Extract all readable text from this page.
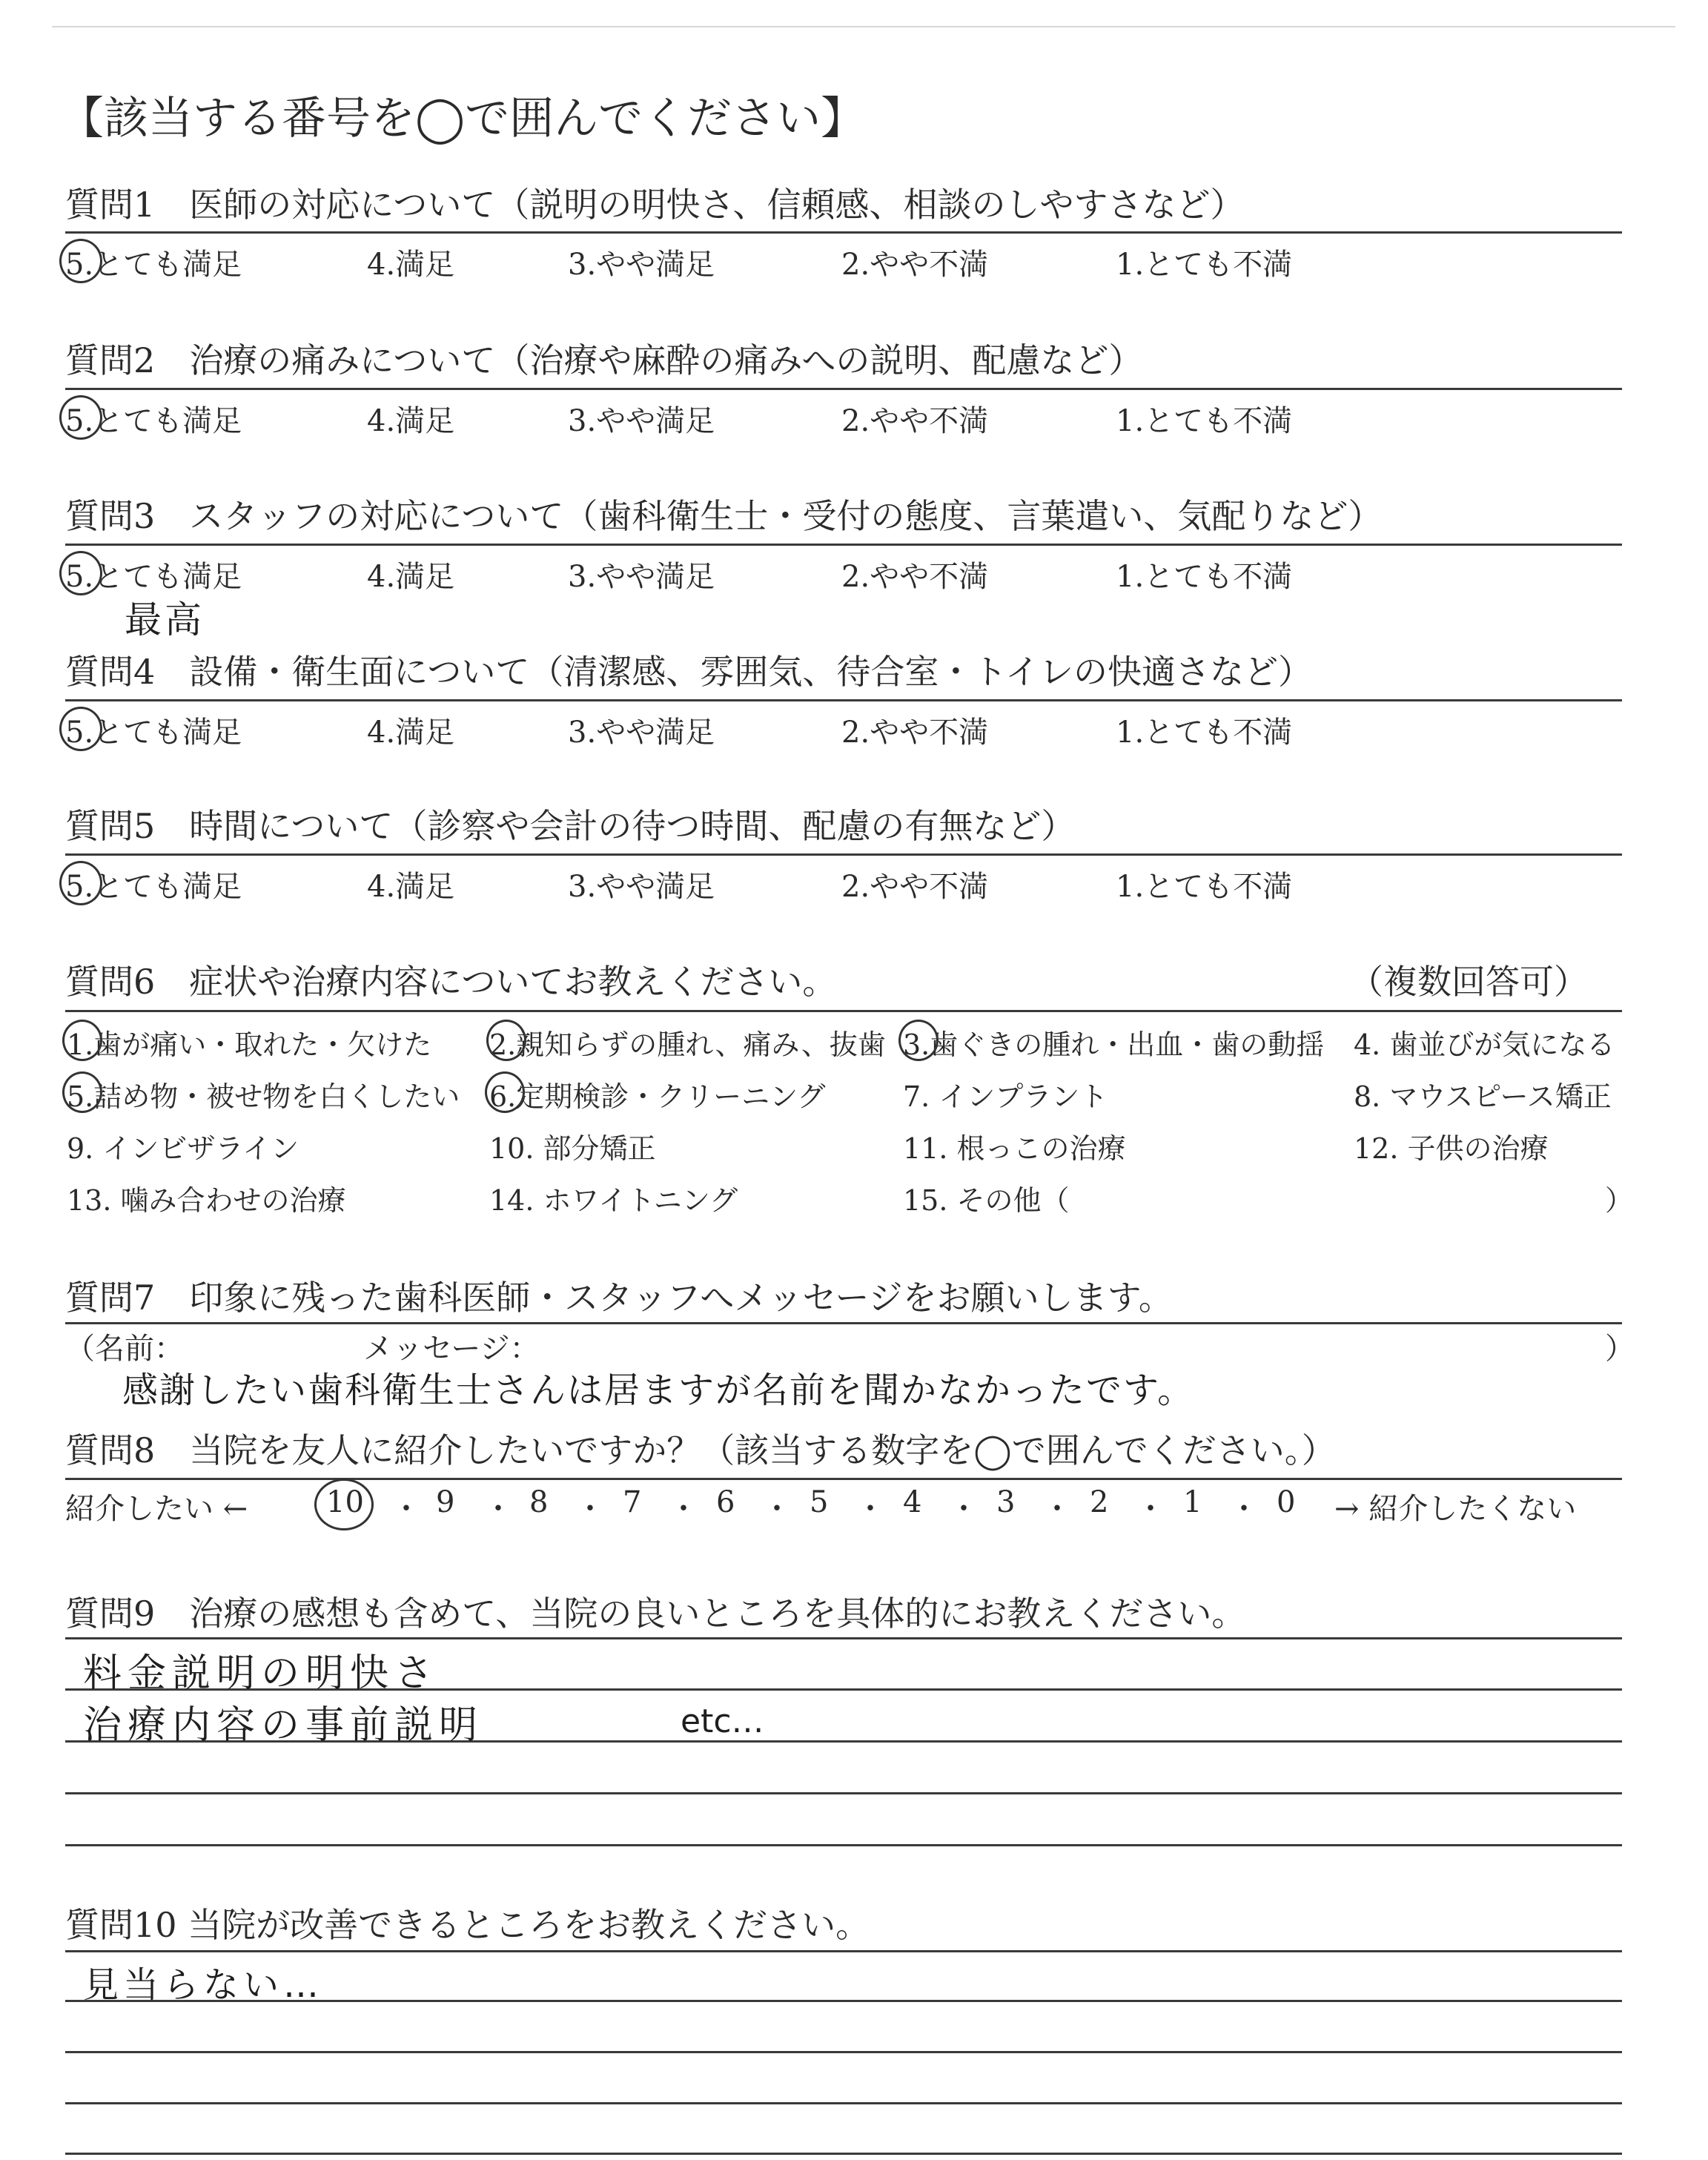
【該当する番号を◯で囲んでください】
質問1　医師の対応について（説明の明快さ、信頼感、相談のしやすさなど）
5.とても満足	4.満足	3.やや満足	2.やや不満	1.とても不満
質問2　治療の痛みについて（治療や麻酔の痛みへの説明、配慮など）
5.とても満足	4.満足	3.やや満足	2.やや不満	1.とても不満
質問3　スタッフの対応について（歯科衛生士・受付の態度、言葉遣い、気配りなど）
5.とても満足	4.満足	3.やや満足	2.やや不満	1.とても不満
最高
質問4　設備・衛生面について（清潔感、雰囲気、待合室・トイレの快適さなど）
5.とても満足	4.満足	3.やや満足	2.やや不満	1.とても不満
質問5　時間について（診察や会計の待つ時間、配慮の有無など）
5.とても満足	4.満足	3.やや満足	2.やや不満	1.とても不満
質問6　症状や治療内容についてお教えください。	（複数回答可）
1.歯が痛い・取れた・欠けた 2.親知らずの腫れ、痛み、抜歯 3.歯ぐきの腫れ・出血・歯の動揺 4. 歯並びが気になる
5.詰め物・被せ物を白くしたい 6.定期検診・クリーニング	7. インプラント	8. マウスピース矯正
9. インビザライン	10. 部分矯正	11. 根っこの治療	12. 子供の治療
13. 噛み合わせの治療	14. ホワイトニング	15. その他（	）
質問7　印象に残った歯科医師・スタッフへメッセージをお願いします。
（名前：	メッセージ：	）
感謝したい歯科衛生士さんは居ますが名前を聞かなかったです。
質問8　当院を友人に紹介したいですか？（該当する数字を◯で囲んでください。）
紹介したい ←	10 ・ 9 ・ 8 ・ 7 ・ 6 ・ 5 ・ 4 ・ 3 ・ 2 ・ 1 ・ 0 → 紹介したくない
質問9　治療の感想も含めて、当院の良いところを具体的にお教えください。
料金説明の明快さ
治療内容の事前説明	etc…
質問10 当院が改善できるところをお教えください。
見当らない…
